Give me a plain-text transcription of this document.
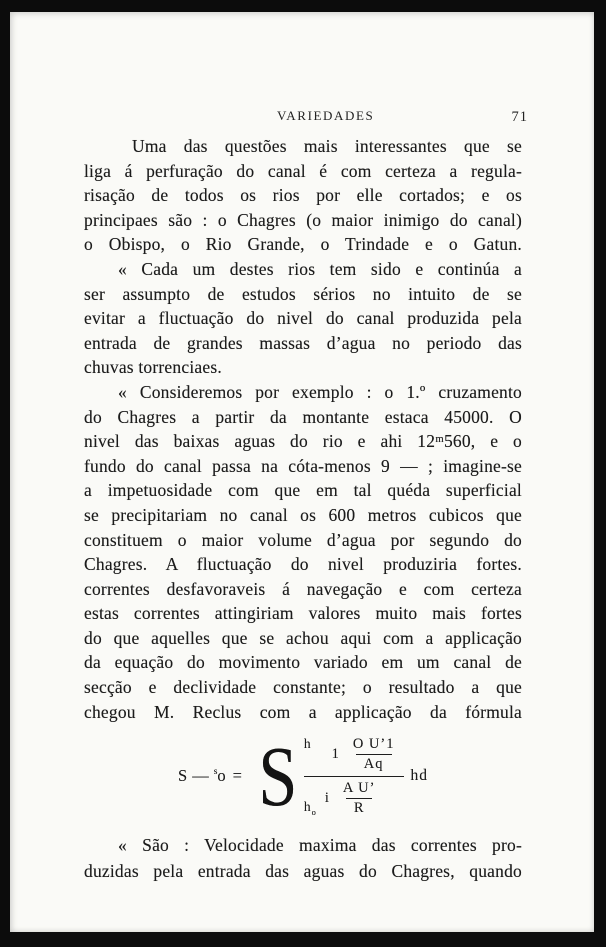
VARIEDADES	71
Uma das questões mais interessantes que se
liga á perfuração do canal é com certeza a regula-
risação de todos os rios por elle cortados; e os
principaes são : o Chagres (o maior inimigo do canal)
o Obispo, o Rio Grande, o Trindade e o Gatun.
« Cada um destes rios tem sido e continúa a
ser assumpto de estudos sérios no intuito de se
evitar a fluctuação do nivel do canal produzida pela
entrada de grandes massas d’agua no periodo das
chuvas torrenciaes.
« Consideremos por exemplo : o 1.º cruzamento
do Chagres a partir da montante estaca 45000. O
nivel das baixas aguas do rio e ahi 12ᵐ560, e o
fundo do canal passa na cóta-menos 9 — ; imagine-se
a impetuosidade com que em tal quéda superficial
se precipitariam no canal os 600 metros cubicos que
constituem o maior volume d’agua por segundo do
Chagres. A fluctuação do nivel produziria fortes.
correntes desfavoraveis á navegação e com certeza
estas correntes attingiriam valores muito mais fortes
do que aquelles que se achou aqui com a applicação
da equação do movimento variado em um canal de
secção e declividade constante; o resultado a que
chegou M. Reclus com a applicação da fórmula
S — $^s$o = S h
1
O U’1
Aq
$h_o$
i
A U’
R hd
« São : Velocidade maxima das correntes pro-
duzidas pela entrada das aguas do Chagres, quando
